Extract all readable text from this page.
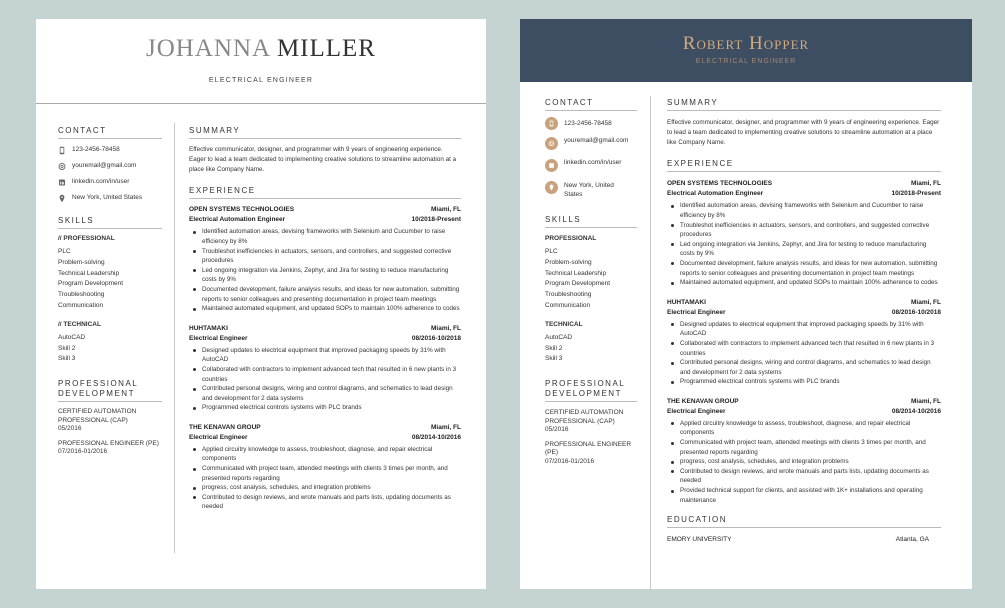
JOHANNA MILLER
ELECTRICAL ENGINEER
CONTACT
123-2456-78458
youremail@gmail.com
linkedin.com/in/user
New York, United States
SKILLS
// PROFESSIONAL
PLC
Problem-solving
Technical Leadership
Program Development
Troubleshooting
Communication
// TECHNICAL
AutoCAD
Skill 2
Skill 3
PROFESSIONAL DEVELOPMENT
CERTIFIED AUTOMATION
PROFESSIONAL (CAP)
05/2016
PROFESSIONAL ENGINEER (PE)
07/2016-01/2016
SUMMARY
Effective communicator, designer, and programmer with 9 years of engineering experience. Eager to lead a team dedicated to implementing creative solutions to streamline automation at a place like Company Name.
EXPERIENCE
OPEN SYSTEMS TECHNOLOGIES	Miami, FL
Electrical Automation Engineer	10/2018-Present
Identified automation areas, devising frameworks with Selenium and Cucumber to raise efficiency by 8%
Troubleshot inefficiencies in actuators, sensors, and controllers, and suggested corrective procedures
Led ongoing integration via Jenkins, Zephyr, and Jira for testing to reduce manufacturing costs by 9%
Documented development, failure analysis results, and ideas for new automation, submitting reports to senior colleagues and presenting documentation in project team meetings
Maintained automated equipment, and updated SOPs to maintain 100% adherence to codes
HUHTAMAKI	Miami, FL
Electrical Engineer	08/2016-10/2018
Designed updates to electrical equipment that improved packaging speeds by 31% with AutoCAD
Collaborated with contractors to implement advanced tech that resulted in 6 new plants in 3 countries
Contributed personal designs, wiring and control diagrams, and schematics to lead design and development for 2 data systems
Programmed electrical controls systems with PLC brands
THE KENAVAN GROUP	Miami, FL
Electrical Engineer	08/2014-10/2016
Applied circuitry knowledge to assess, troubleshoot, diagnose, and repair electrical components
Communicated with project team, attended meetings with clients 3 times per month, and presented reports regarding
progress, cost analysis, schedules, and integration problems
Contributed to design reviews, and wrote manuals and parts lists, updating documents as needed
Robert Hopper
ELECTRICAL ENGINEER
CONTACT
123-2456-78458
youremail@gmail.com
linkedin.com/in/user
New York, United States
SKILLS
PROFESSIONAL
PLC
Problem-solving
Technical Leadership
Program Development
Troubleshooting
Communication
TECHNICAL
AutoCAD
Skill 2
Skill 3
PROFESSIONAL DEVELOPMENT
CERTIFIED AUTOMATION
PROFESSIONAL (CAP)
05/2016
PROFESSIONAL ENGINEER
(PE)
07/2016-01/2016
SUMMARY
Effective communicator, designer, and programmer with 9 years of engineering experience. Eager to lead a team dedicated to implementing creative solutions to streamline automation at a place like Company Name.
EXPERIENCE
OPEN SYSTEMS TECHNOLOGIES	Miami, FL
Electrical Automation Engineer	10/2018-Present
Identified automation areas, devising frameworks with Selenium and Cucumber to raise efficiency by 8%
Troubleshot inefficiencies in actuators, sensors, and controllers, and suggested corrective procedures
Led ongoing integration via Jenkins, Zephyr, and Jira for testing to reduce manufacturing costs by 9%
Documented development, failure analysis results, and ideas for new automation, submitting reports to senior colleagues and presenting documentation in project team meetings
Maintained automated equipment, and updated SOPs to maintain 100% adherence to codes
HUHTAMAKI	Miami, FL
Electrical Engineer	08/2016-10/2018
Designed updates to electrical equipment that improved packaging speeds by 31% with AutoCAD
Collaborated with contractors to implement advanced tech that resulted in 6 new plants in 3 countries
Contributed personal designs, wiring and control diagrams, and schematics to lead design and development for 2 data systems
Programmed electrical controls systems with PLC brands
THE KENAVAN GROUP	Miami, FL
Electrical Engineer	08/2014-10/2016
Applied circuitry knowledge to assess, troubleshoot, diagnose, and repair electrical components
Communicated with project team, attended meetings with clients 3 times per month, and presented reports regarding
progress, cost analysis, schedules, and integration problems
Contributed to design reviews, and wrote manuals and parts lists, updating documents as needed
Provided technical support for clients, and assisted with 1K+ installations and operating maintenance
EDUCATION
EMORY UNIVERSITY	Atlanta, GA
